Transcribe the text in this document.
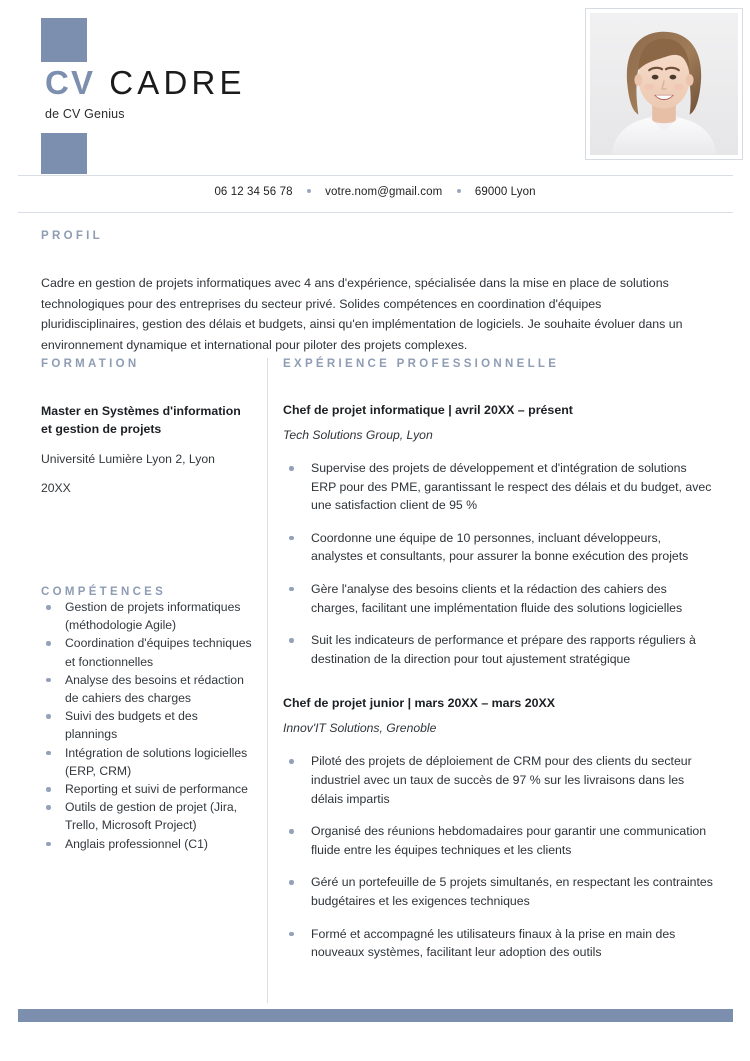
CV CADRE
de CV Genius
06 12 34 56 78	votre.nom@gmail.com	69000 Lyon
PROFIL
Cadre en gestion de projets informatiques avec 4 ans d'expérience, spécialisée dans la mise en place de solutions technologiques pour des entreprises du secteur privé. Solides compétences en coordination d'équipes pluridisciplinaires, gestion des délais et budgets, ainsi qu'en implémentation de logiciels. Je souhaite évoluer dans un environnement dynamique et international pour piloter des projets complexes.
FORMATION
Master en Systèmes d'information et gestion de projets
Université Lumière Lyon 2, Lyon
20XX
COMPÉTENCES
Gestion de projets informatiques (méthodologie Agile)
Coordination d'équipes techniques et fonctionnelles
Analyse des besoins et rédaction de cahiers des charges
Suivi des budgets et des plannings
Intégration de solutions logicielles (ERP, CRM)
Reporting et suivi de performance
Outils de gestion de projet (Jira, Trello, Microsoft Project)
Anglais professionnel (C1)
EXPÉRIENCE PROFESSIONNELLE
Chef de projet informatique | avril 20XX – présent
Tech Solutions Group, Lyon
Supervise des projets de développement et d'intégration de solutions ERP pour des PME, garantissant le respect des délais et du budget, avec une satisfaction client de 95 %
Coordonne une équipe de 10 personnes, incluant développeurs, analystes et consultants, pour assurer la bonne exécution des projets
Gère l'analyse des besoins clients et la rédaction des cahiers des charges, facilitant une implémentation fluide des solutions logicielles
Suit les indicateurs de performance et prépare des rapports réguliers à destination de la direction pour tout ajustement stratégique
Chef de projet junior | mars 20XX – mars 20XX
Innov'IT Solutions, Grenoble
Piloté des projets de déploiement de CRM pour des clients du secteur industriel avec un taux de succès de 97 % sur les livraisons dans les délais impartis
Organisé des réunions hebdomadaires pour garantir une communication fluide entre les équipes techniques et les clients
Géré un portefeuille de 5 projets simultanés, en respectant les contraintes budgétaires et les exigences techniques
Formé et accompagné les utilisateurs finaux à la prise en main des nouveaux systèmes, facilitant leur adoption des outils
